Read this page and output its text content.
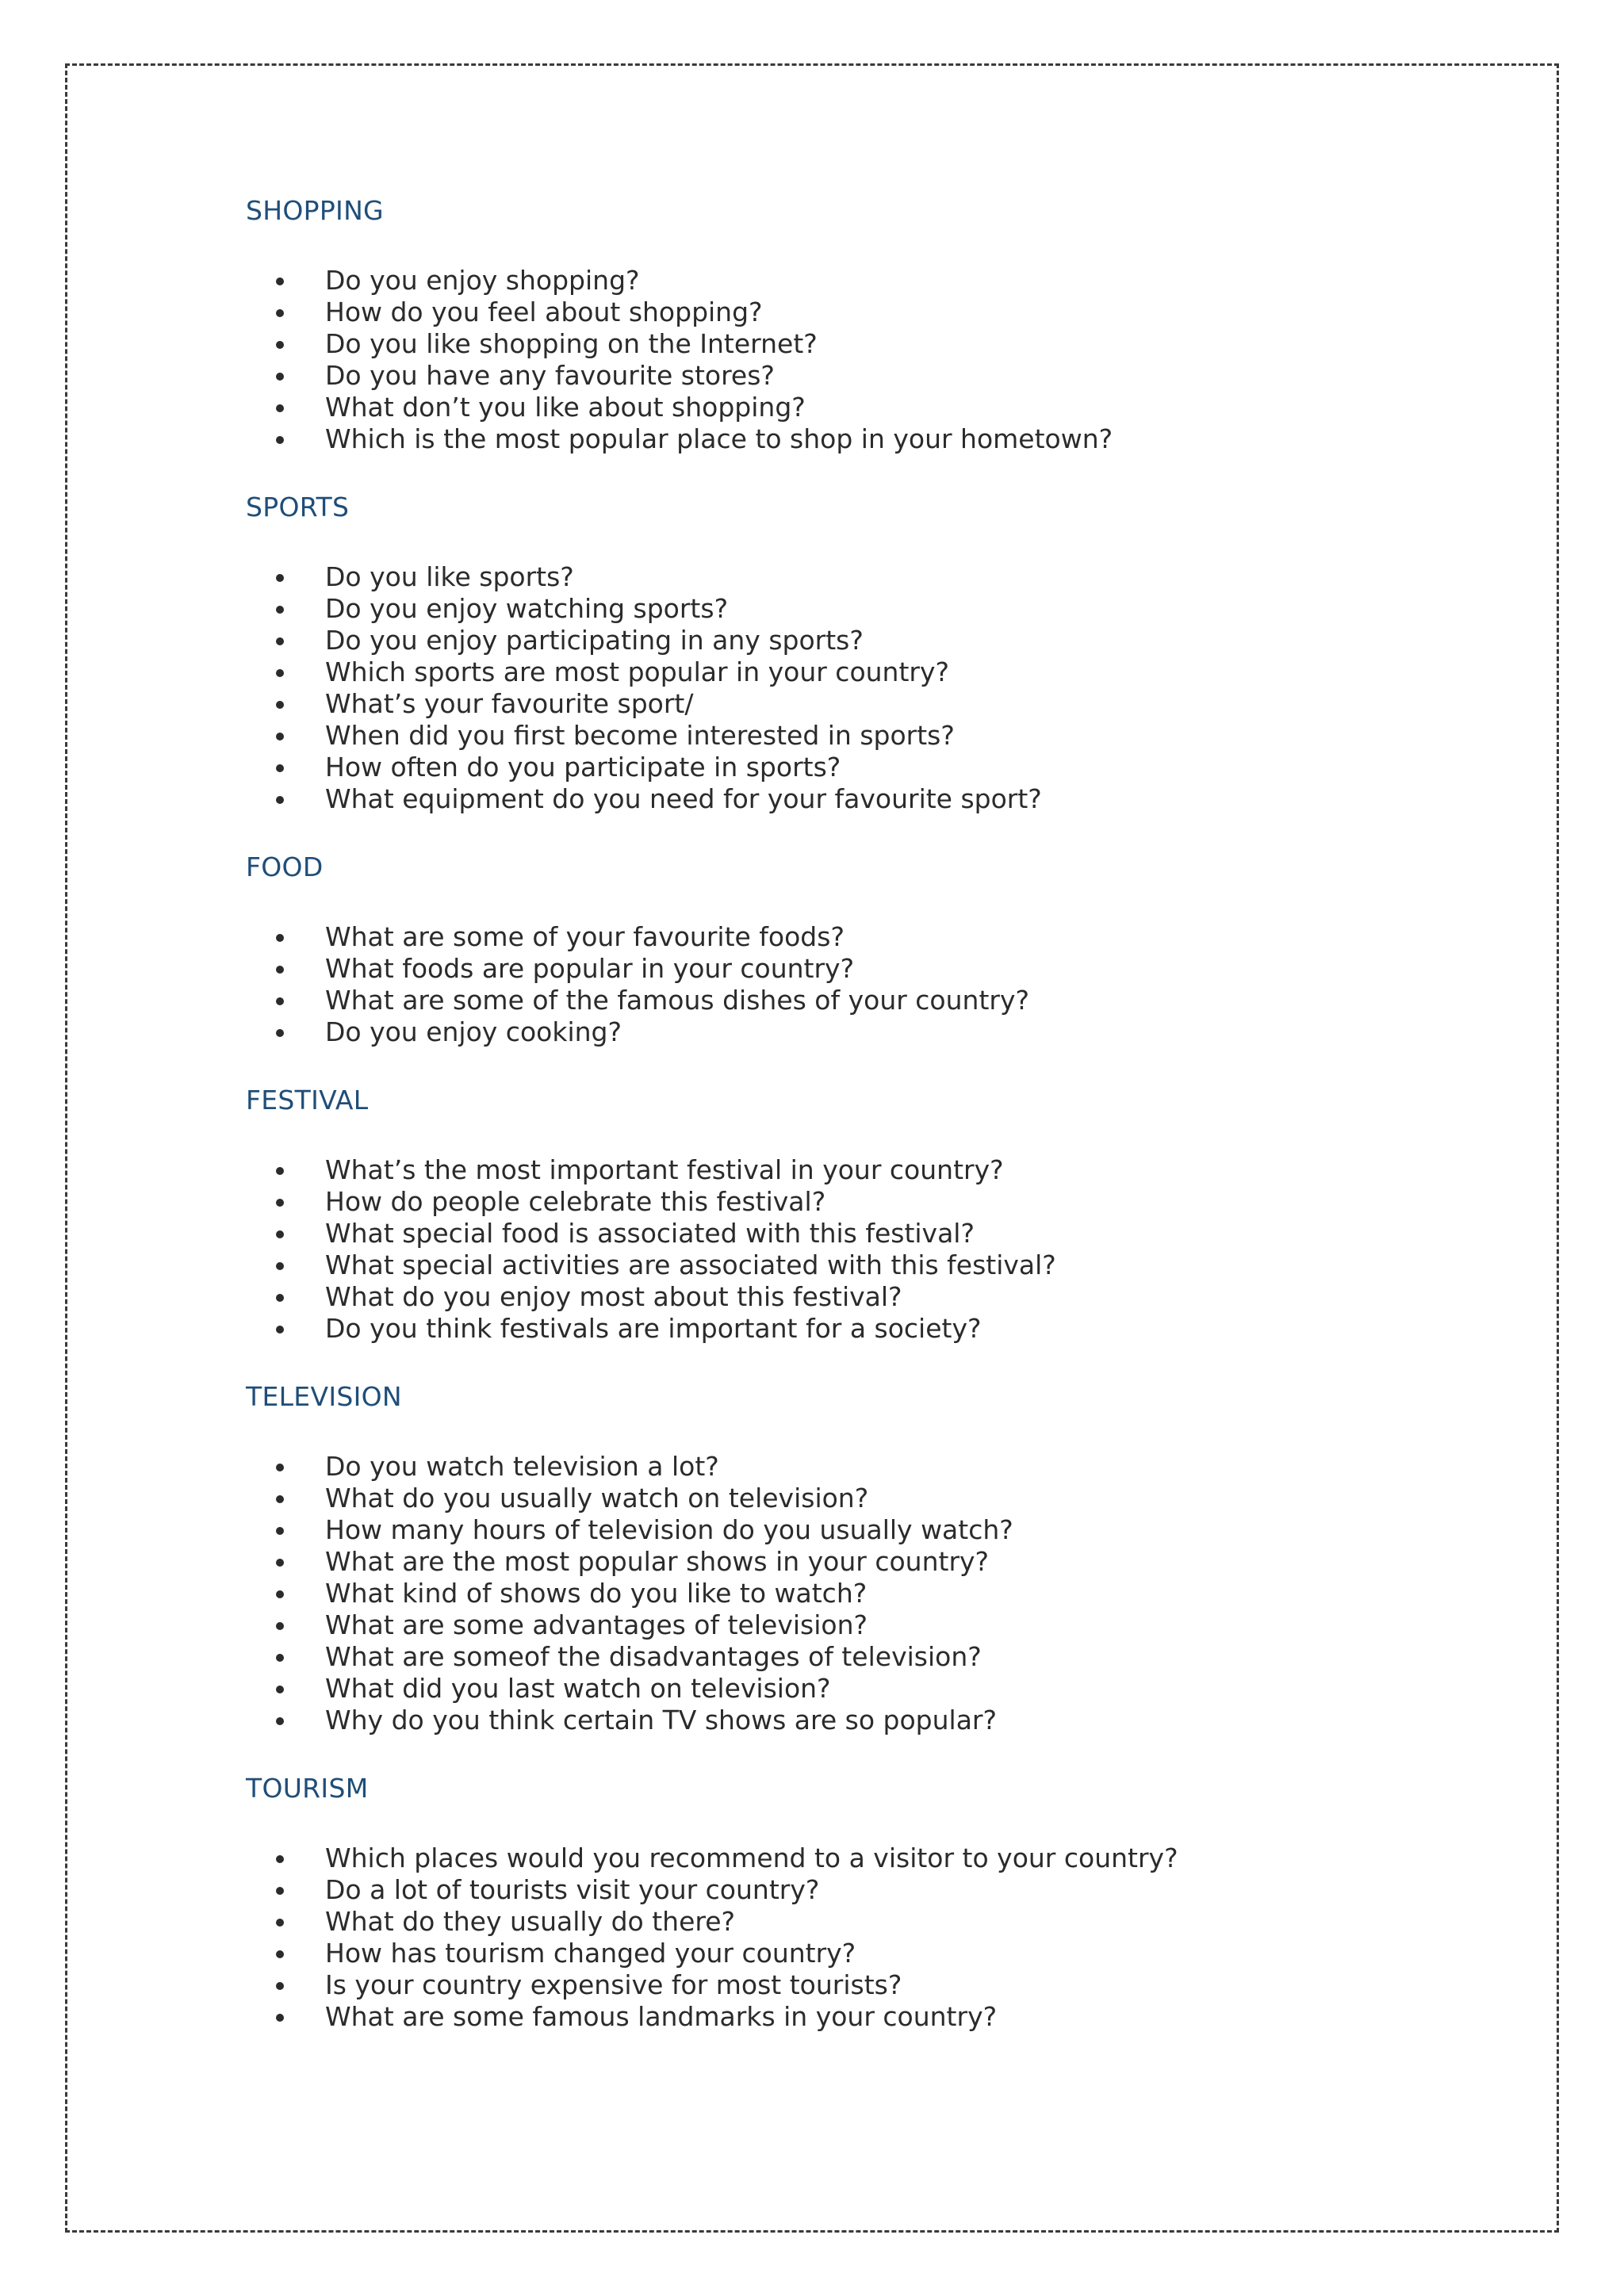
SHOPPING
Do you enjoy shopping?
How do you feel about shopping?
Do you like shopping on the Internet?
Do you have any favourite stores?
What don’t you like about shopping?
Which is the most popular place to shop in your hometown?
SPORTS
Do you like sports?
Do you enjoy watching sports?
Do you enjoy participating in any sports?
Which sports are most popular in your country?
What’s your favourite sport/
When did you first become interested in sports?
How often do you participate in sports?
What equipment do you need for your favourite sport?
FOOD
What are some of your favourite foods?
What foods are popular in your country?
What are some of the famous dishes of your country?
Do you enjoy cooking?
FESTIVAL
What’s the most important festival in your country?
How do people celebrate this festival?
What special food is associated with this festival?
What special activities are associated with this festival?
What do you enjoy most about this festival?
Do you think festivals are important for a society?
TELEVISION
Do you watch television a lot?
What do you usually watch on television?
How many hours of television do you usually watch?
What are the most popular shows in your country?
What kind of shows do you like to watch?
What are some advantages of television?
What are someof the disadvantages of television?
What did you last watch on television?
Why do you think certain TV shows are so popular?
TOURISM
Which places would you recommend to a visitor to your country?
Do a lot of tourists visit your country?
What do they usually do there?
How has tourism changed your country?
Is your country expensive for most tourists?
What are some famous landmarks in your country?
